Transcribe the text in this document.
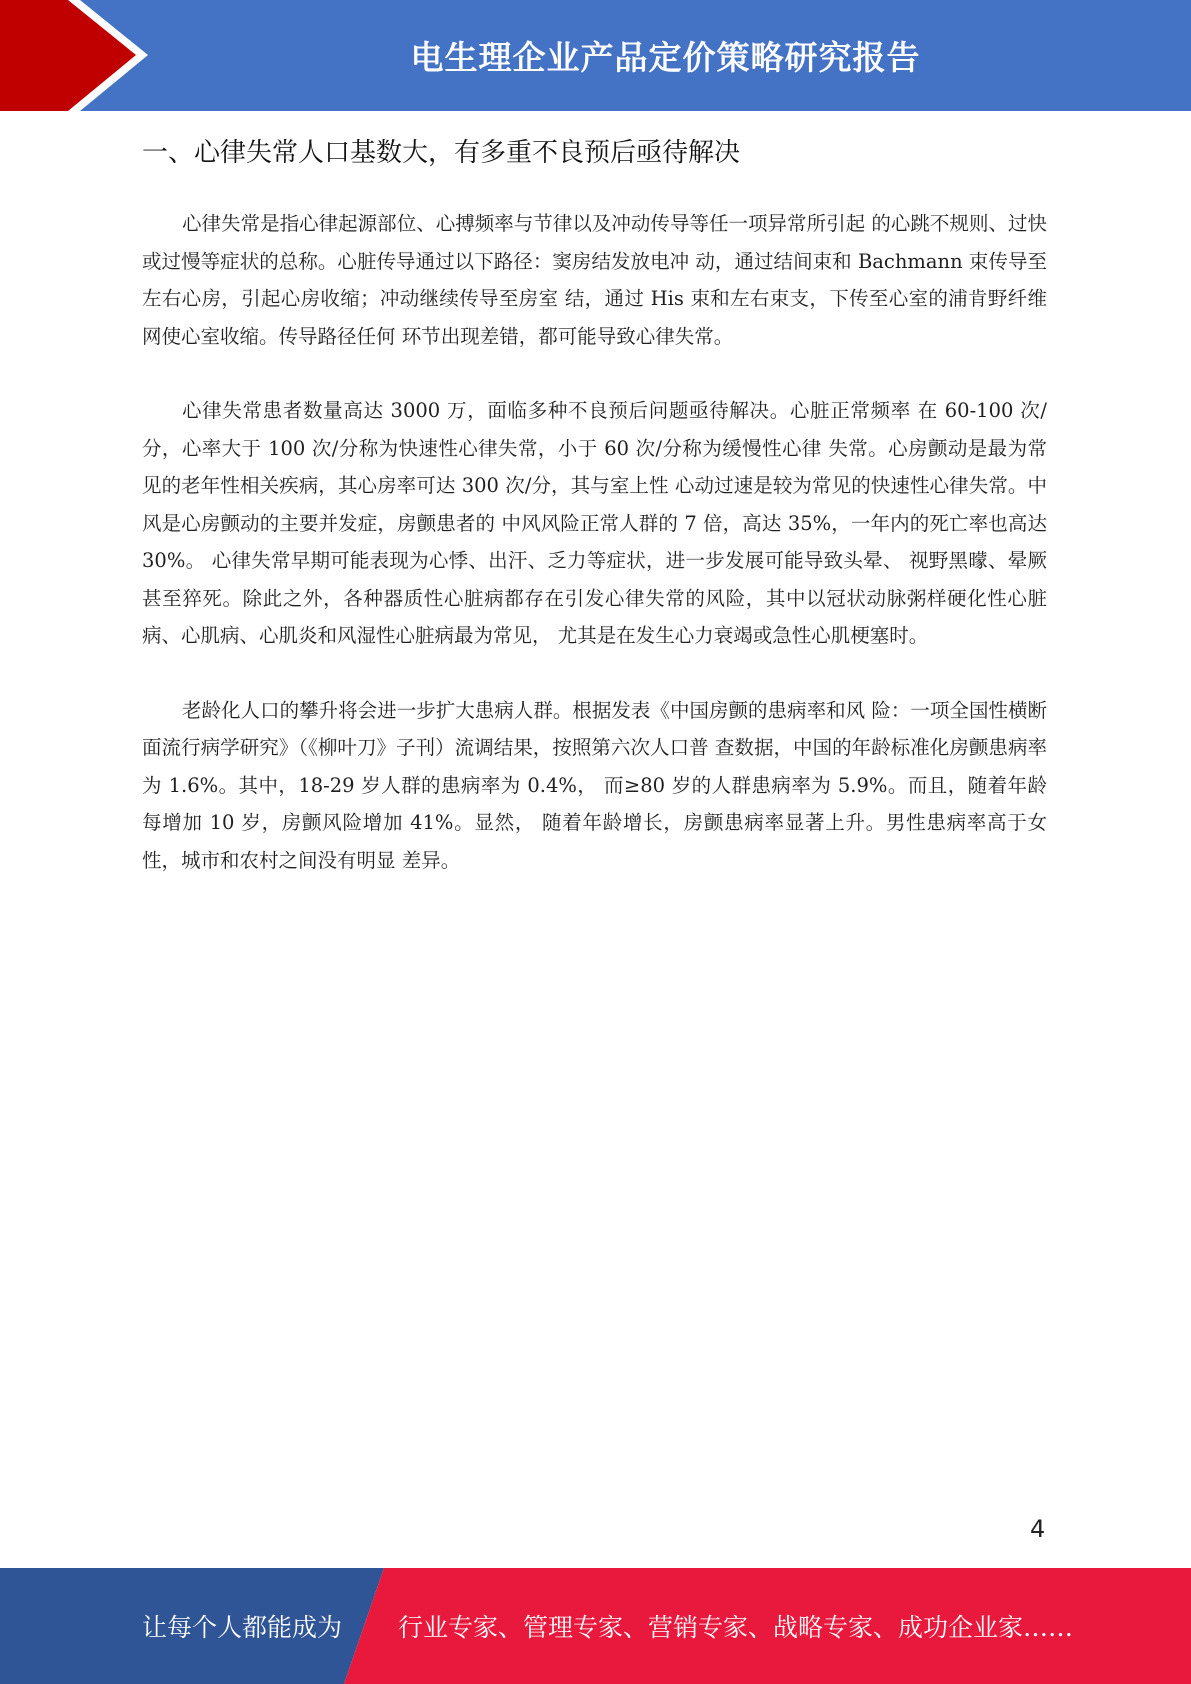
电生理企业产品定价策略研究报告
一、心律失常人口基数大，有多重不良预后亟待解决

心律失常是指心律起源部位、心搏频率与节律以及冲动传导等任一项异常所引起 的心跳不规则、过快或过慢等症状的总称。心脏传导通过以下路径：窦房结发放电冲 动，通过结间束和 Bachmann 束传导至左右心房，引起心房收缩；冲动继续传导至房室 结，通过 His 束和左右束支，下传至心室的浦肯野纤维网使心室收缩。传导路径任何 环节出现差错，都可能导致心律失常。

心律失常患者数量高达 3000 万，面临多种不良预后问题亟待解决。心脏正常频率 在 60-100 次/分，心率大于 100 次/分称为快速性心律失常，小于 60 次/分称为缓慢性心律 失常。心房颤动是最为常见的老年性相关疾病，其心房率可达 300 次/分，其与室上性 心动过速是较为常见的快速性心律失常。中风是心房颤动的主要并发症，房颤患者的 中风风险正常人群的 7 倍，高达 35%，一年内的死亡率也高达 30%。 心律失常早期可能表现为心悸、出汗、乏力等症状，进一步发展可能导致头晕、 视野黑曚、晕厥甚至猝死。除此之外，各种器质性心脏病都存在引发心律失常的风险，其中以冠状动脉粥样硬化性心脏病、心肌病、心肌炎和风湿性心脏病最为常见， 尤其是在发生心力衰竭或急性心肌梗塞时。

老龄化人口的攀升将会进一步扩大患病人群。根据发表《中国房颤的患病率和风 险：一项全国性横断面流行病学研究》（《柳叶刀》子刊）流调结果，按照第六次人口普 查数据，中国的年龄标准化房颤患病率为 1.6%。其中，18-29 岁人群的患病率为 0.4%， 而≥80 岁的人群患病率为 5.9%。而且，随着年龄每增加 10 岁，房颤风险增加 41%。显然， 随着年龄增长，房颤患病率显著上升。男性患病率高于女性，城市和农村之间没有明显 差异。

4
让每个人都能成为 行业专家、管理专家、营销专家、战略专家、成功企业家……
